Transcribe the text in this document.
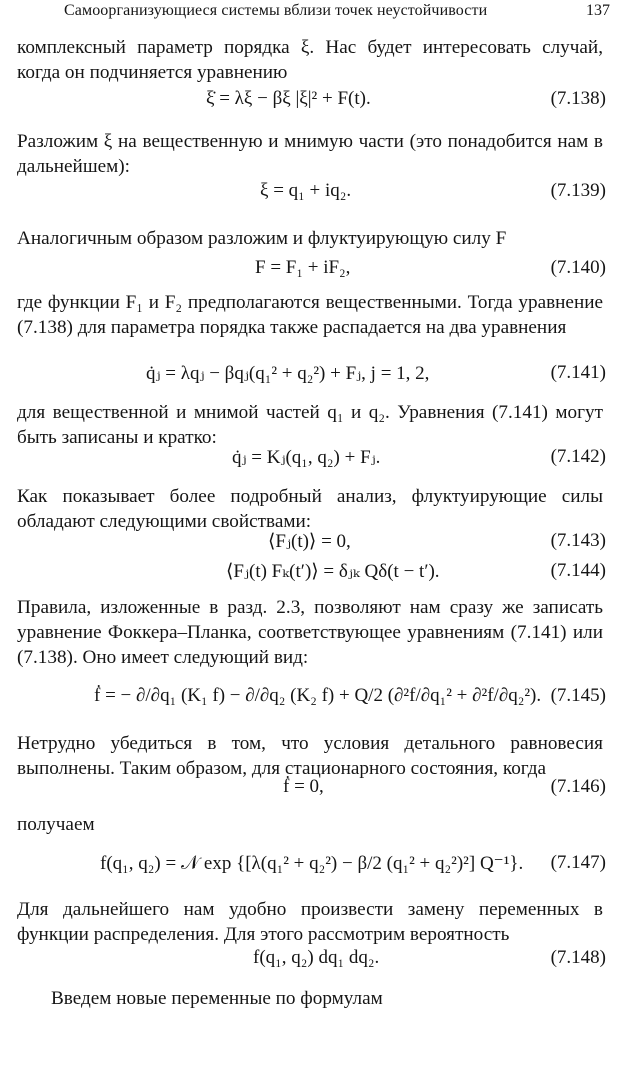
Самоорганизующиеся системы вблизи точек неустойчивости	137
комплексный параметр порядка ξ. Нас будет интересовать случай, когда он подчиняется уравнению
ξ̇ = λξ − βξ |ξ|² + F(t).	(7.138)
Разложим ξ на вещественную и мнимую части (это понадобится нам в дальнейшем):
ξ = q₁ + iq₂.	(7.139)
Аналогичным образом разложим и флуктуирующую силу F
F = F₁ + iF₂,	(7.140)
где функции F₁ и F₂ предполагаются вещественными. Тогда уравнение (7.138) для параметра порядка также распадается на два уравнения
q̇ⱼ = λqⱼ − βqⱼ(q₁² + q₂²) + Fⱼ, j = 1, 2,	(7.141)
для вещественной и мнимой частей q₁ и q₂. Уравнения (7.141) могут быть записаны и кратко:
q̇ⱼ = Kⱼ(q₁, q₂) + Fⱼ.	(7.142)
Как показывает более подробный анализ, флуктуирующие силы обладают следующими свойствами:
⟨Fⱼ(t)⟩ = 0,	(7.143)
⟨Fⱼ(t) Fₖ(t′)⟩ = δⱼₖ Qδ(t − t′).	(7.144)
Правила, изложенные в разд. 2.3, позволяют нам сразу же записать уравнение Фоккера–Планка, соответствующее уравнениям (7.141) или (7.138). Оно имеет следующий вид:
ḟ = − ∂/∂q₁ (K₁ f) − ∂/∂q₂ (K₂ f) + Q/2 (∂²f/∂q₁² + ∂²f/∂q₂²). (7.145)
Нетрудно убедиться в том, что условия детального равновесия выполнены. Таким образом, для стационарного состояния, когда
ḟ = 0,	(7.146)
получаем
f(q₁, q₂) = 𝒩 exp {[λ(q₁² + q₂²) − β/2 (q₁² + q₂²)²] Q⁻¹}. (7.147)
Для дальнейшего нам удобно произвести замену переменных в функции распределения. Для этого рассмотрим вероятность
f(q₁, q₂) dq₁ dq₂.	(7.148)
Введем новые переменные по формулам
